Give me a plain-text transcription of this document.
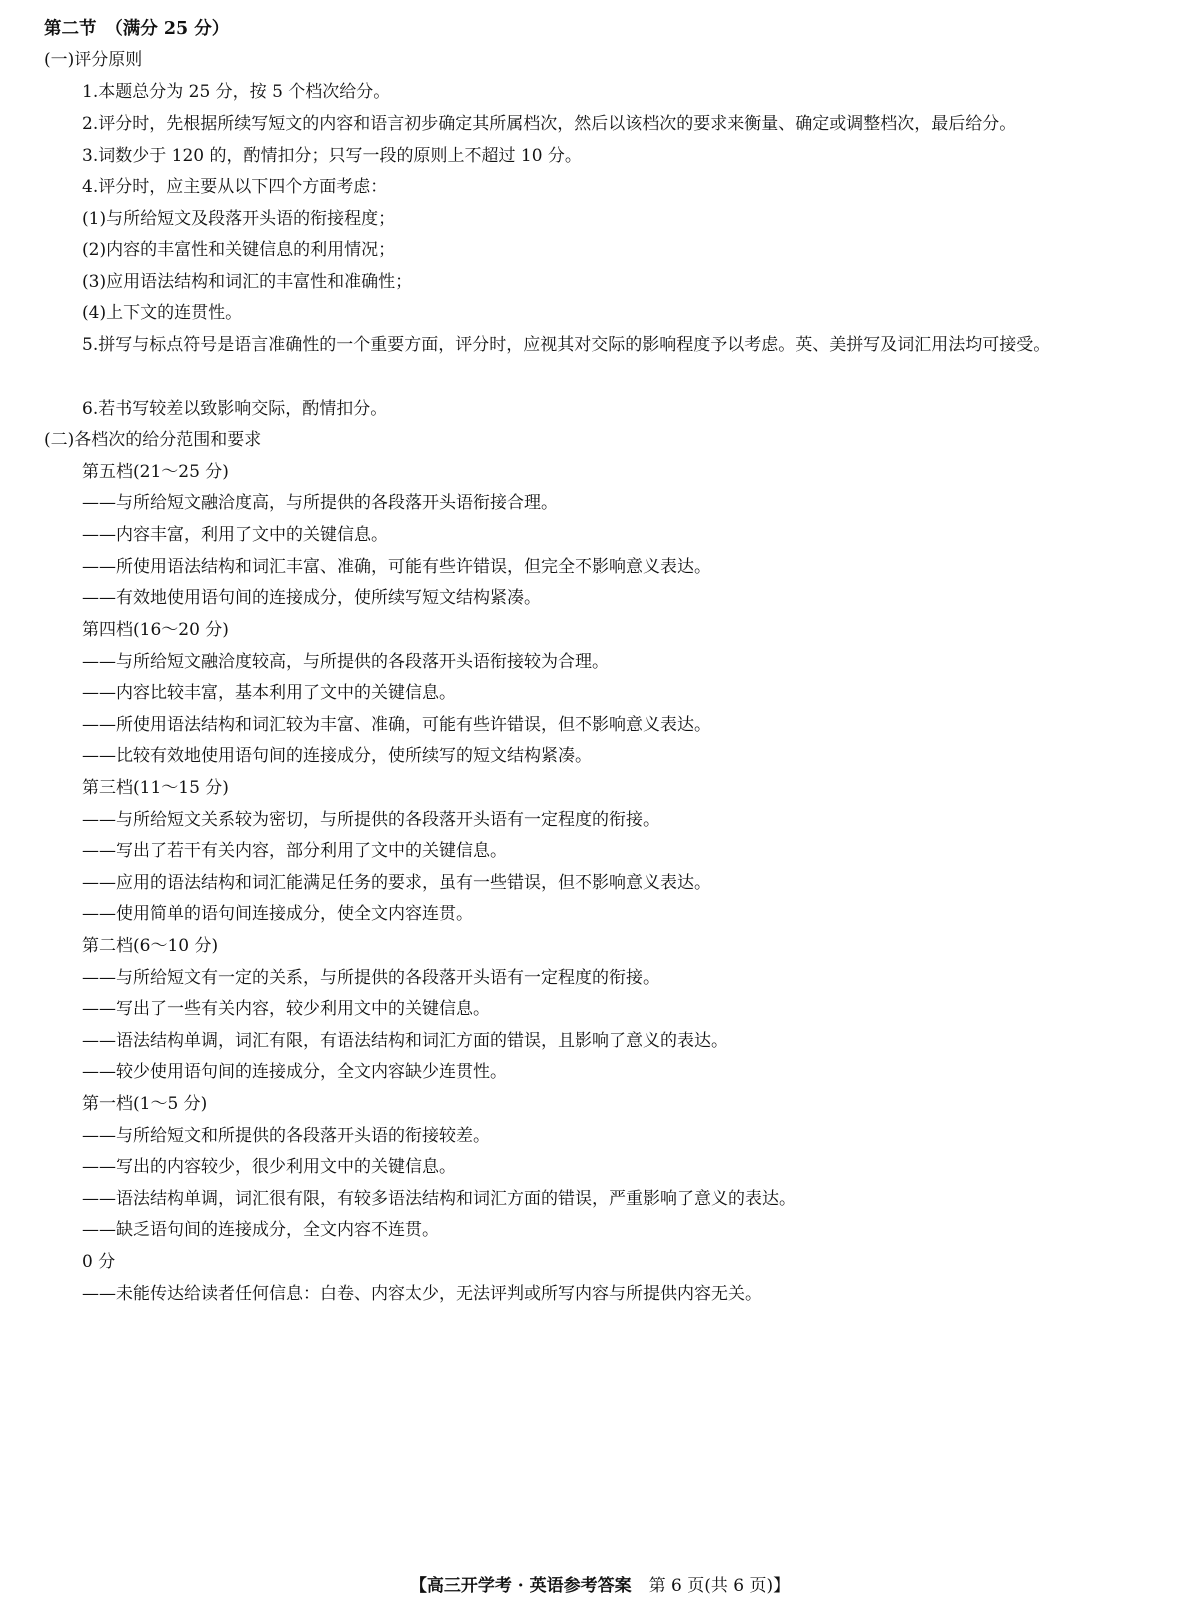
第二节　（满分 25 分）
(一)评分原则
1.本题总分为 25 分，按 5 个档次给分。
2.评分时，先根据所续写短文的内容和语言初步确定其所属档次，然后以该档次的要求来衡量、确定或调整档次，最后给分。
3.词数少于 120 的，酌情扣分；只写一段的原则上不超过 10 分。
4.评分时，应主要从以下四个方面考虑：
(1)与所给短文及段落开头语的衔接程度；
(2)内容的丰富性和关键信息的利用情况；
(3)应用语法结构和词汇的丰富性和准确性；
(4)上下文的连贯性。
5.拼写与标点符号是语言准确性的一个重要方面，评分时，应视其对交际的影响程度予以考虑。英、美拼写及词汇用法均可接受。
6.若书写较差以致影响交际，酌情扣分。
(二)各档次的给分范围和要求
第五档(21～25 分)
——与所给短文融洽度高，与所提供的各段落开头语衔接合理。
——内容丰富，利用了文中的关键信息。
——所使用语法结构和词汇丰富、准确，可能有些许错误，但完全不影响意义表达。
——有效地使用语句间的连接成分，使所续写短文结构紧凑。
第四档(16～20 分)
——与所给短文融洽度较高，与所提供的各段落开头语衔接较为合理。
——内容比较丰富，基本利用了文中的关键信息。
——所使用语法结构和词汇较为丰富、准确，可能有些许错误，但不影响意义表达。
——比较有效地使用语句间的连接成分，使所续写的短文结构紧凑。
第三档(11～15 分)
——与所给短文关系较为密切，与所提供的各段落开头语有一定程度的衔接。
——写出了若干有关内容，部分利用了文中的关键信息。
——应用的语法结构和词汇能满足任务的要求，虽有一些错误，但不影响意义表达。
——使用简单的语句间连接成分，使全文内容连贯。
第二档(6～10 分)
——与所给短文有一定的关系，与所提供的各段落开头语有一定程度的衔接。
——写出了一些有关内容，较少利用文中的关键信息。
——语法结构单调，词汇有限，有语法结构和词汇方面的错误，且影响了意义的表达。
——较少使用语句间的连接成分，全文内容缺少连贯性。
第一档(1～5 分)
——与所给短文和所提供的各段落开头语的衔接较差。
——写出的内容较少，很少利用文中的关键信息。
——语法结构单调，词汇很有限，有较多语法结构和词汇方面的错误，严重影响了意义的表达。
——缺乏语句间的连接成分，全文内容不连贯。
0 分
——未能传达给读者任何信息：白卷、内容太少，无法评判或所写内容与所提供内容无关。
【高三开学考 · 英语参考答案　第 6 页(共 6 页)】
